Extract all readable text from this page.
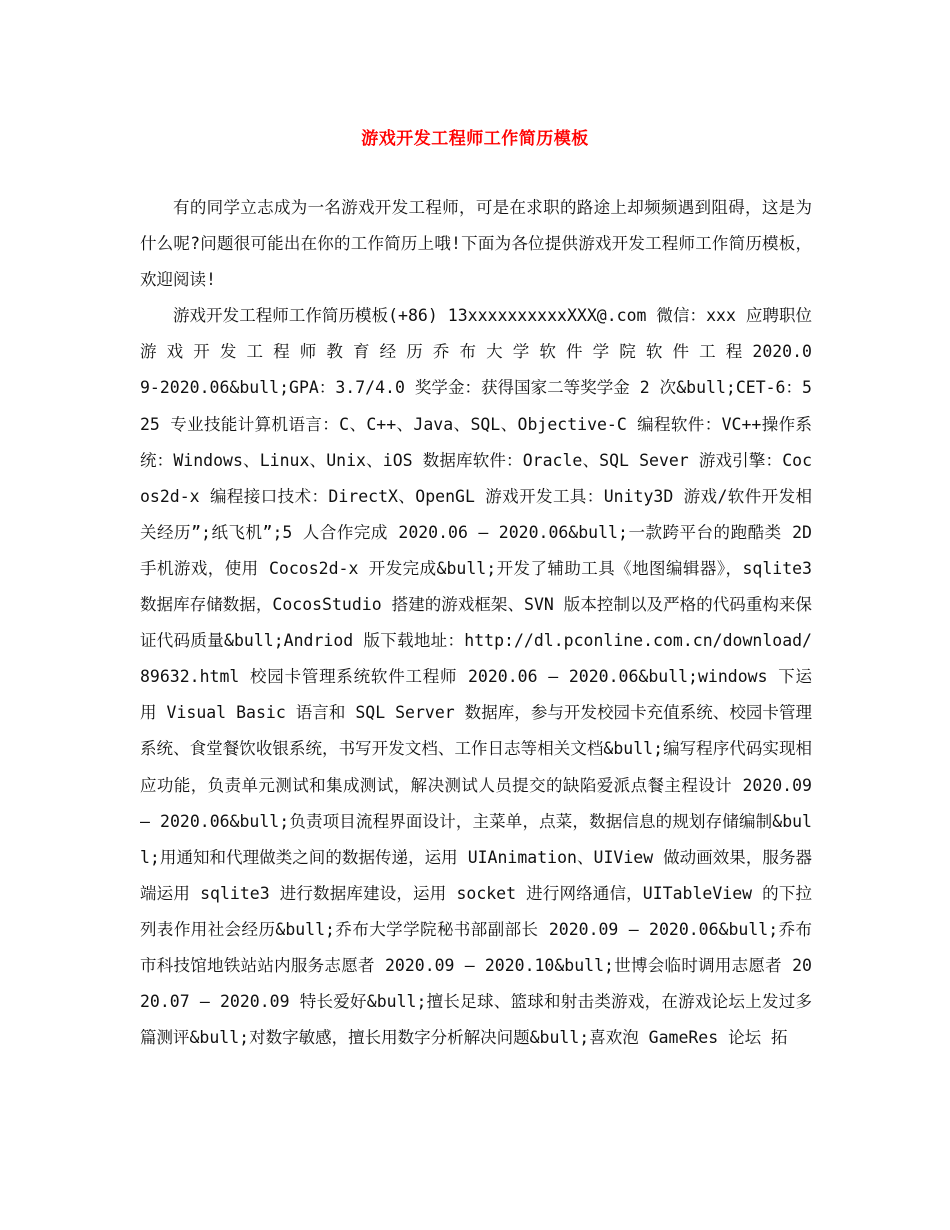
游戏开发工程师工作简历模板

有的同学立志成为一名游戏开发工程师，可是在求职的路途上却频频遇到阻碍，这是为什么呢?问题很可能出在你的工作简历上哦!下面为各位提供游戏开发工程师工作简历模板，欢迎阅读!

游戏开发工程师工作简历模板(+86) 13xxxxxxxxxxXXX@.com 微信：xxx 应聘职位 游 戏 开 发 工 程 师 教 育 经 历 乔 布 大 学 软 件 学 院 软 件 工 程 2020.09-2020.06&bull;GPA：3.7/4.0 奖学金：获得国家二等奖学金 2 次&bull;CET-6：525 专业技能计算机语言：C、C++、Java、SQL、Objective-C 编程软件：VC++操作系统：Windows、Linux、Unix、iOS 数据库软件：Oracle、SQL Sever 游戏引擎：Cocos2d-x 编程接口技术：DirectX、OpenGL 游戏开发工具：Unity3D 游戏/软件开发相关经历”;纸飞机”;5 人合作完成 2020.06 – 2020.06&bull;一款跨平台的跑酷类 2D 手机游戏，使用 Cocos2d-x 开发完成&bull;开发了辅助工具《地图编辑器》，sqlite3 数据库存储数据，CocosStudio 搭建的游戏框架、SVN 版本控制以及严格的代码重构来保证代码质量&bull;Andriod 版下载地址：http://dl.pconline.com.cn/download/89632.html 校园卡管理系统软件工程师 2020.06 – 2020.06&bull;windows 下运用 Visual Basic 语言和 SQL Server 数据库，参与开发校园卡充值系统、校园卡管理系统、食堂餐饮收银系统，书写开发文档、工作日志等相关文档&bull;编写程序代码实现相应功能，负责单元测试和集成测试，解决测试人员提交的缺陷爱派点餐主程设计 2020.09 – 2020.06&bull;负责项目流程界面设计，主菜单，点菜，数据信息的规划存储编制&bull;用通知和代理做类之间的数据传递，运用 UIAnimation、UIView 做动画效果，服务器端运用 sqlite3 进行数据库建设，运用 socket 进行网络通信，UITableView 的下拉列表作用社会经历&bull;乔布大学学院秘书部副部长 2020.09 – 2020.06&bull;乔布市科技馆地铁站站内服务志愿者 2020.09 – 2020.10&bull;世博会临时调用志愿者 2020.07 – 2020.09 特长爱好&bull;擅长足球、篮球和射击类游戏，在游戏论坛上发过多篇测评&bull;对数字敏感，擅长用数字分析解决问题&bull;喜欢泡 GameRes 论坛 拓
